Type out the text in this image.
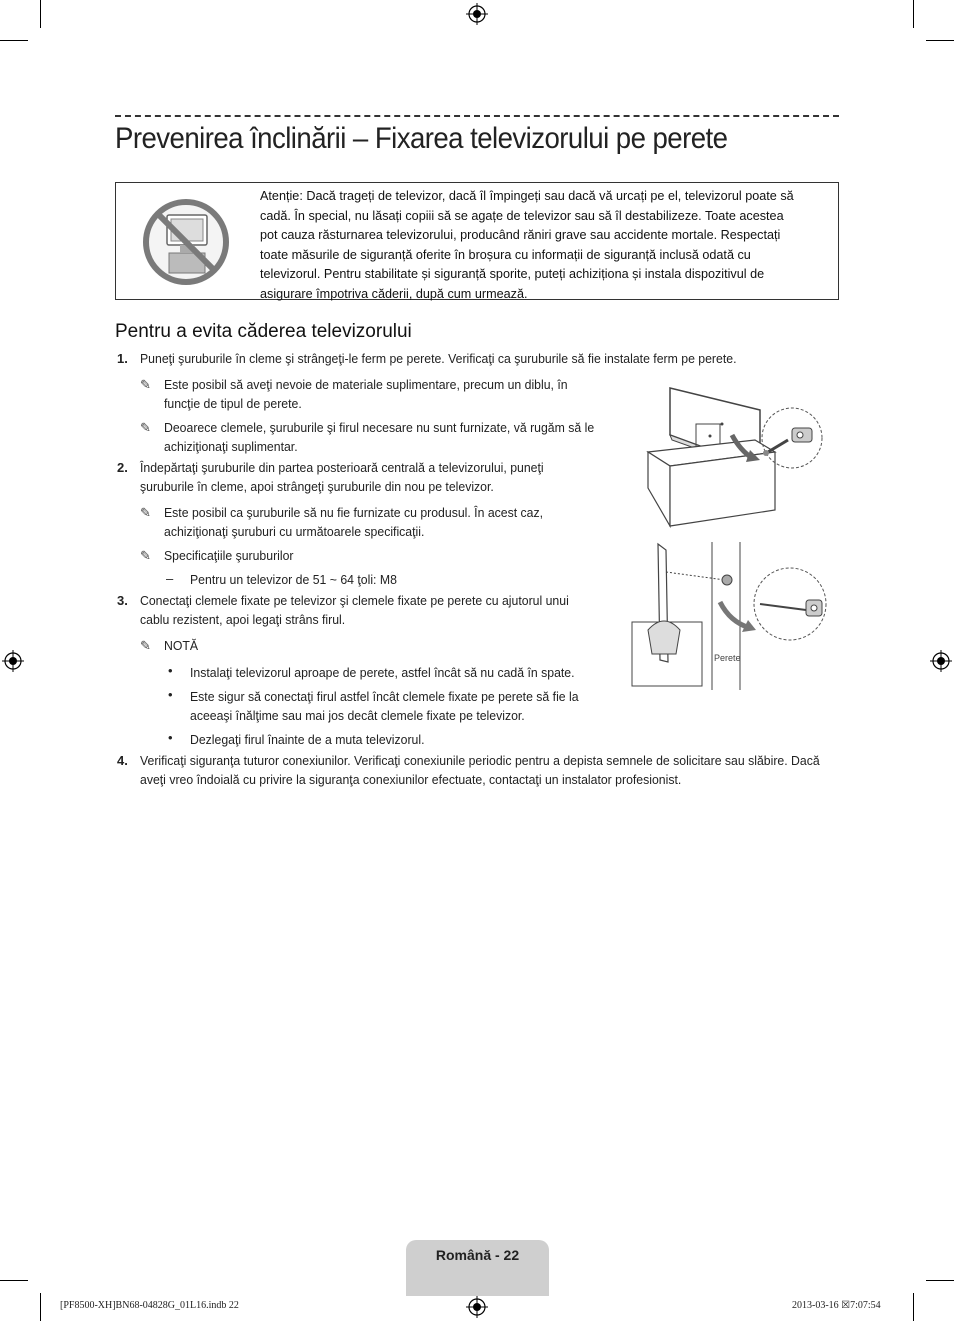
Prevenirea înclinării – Fixarea televizorului pe perete
Atenție: Dacă trageți de televizor, dacă îl împingeți sau dacă vă urcați pe el, televizorul poate să cadă. În special, nu lăsați copiii să se agațe de televizor sau să îl destabilizeze. Toate acestea pot cauza răsturnarea televizorului, producând răniri grave sau accidente mortale. Respectați toate măsurile de siguranță oferite în broșura cu informații de siguranță inclusă odată cu televizorul. Pentru stabilitate și siguranță sporite, puteți achiziționa și instala dispozitivul de asigurare împotriva căderii, după cum urmează.
Pentru a evita căderea televizorului
1. Puneţi şuruburile în cleme şi strângeţi-le ferm pe perete. Verificaţi ca şuruburile să fie instalate ferm pe perete.
✎ Este posibil să aveţi nevoie de materiale suplimentare, precum un diblu, în funcţie de tipul de perete.
✎ Deoarece clemele, şuruburile şi firul necesare nu sunt furnizate, vă rugăm să le achiziţionaţi suplimentar.
2. Îndepărtaţi şuruburile din partea posterioară centrală a televizorului, puneţi şuruburile în cleme, apoi strângeţi şuruburile din nou pe televizor.
✎ Este posibil ca şuruburile să nu fie furnizate cu produsul. În acest caz, achiziţionaţi şuruburi cu următoarele specificaţii.
✎ Specificaţiile şuruburilor
– Pentru un televizor de 51 ~ 64 ţoli: M8
3. Conectaţi clemele fixate pe televizor şi clemele fixate pe perete cu ajutorul unui cablu rezistent, apoi legaţi strâns firul.
✎ NOTĂ
• Instalaţi televizorul aproape de perete, astfel încât să nu cadă în spate.
• Este sigur să conectaţi firul astfel încât clemele fixate pe perete să fie la aceeaşi înălţime sau mai jos decât clemele fixate pe televizor.
• Dezlegaţi firul înainte de a muta televizorul.
4. Verificaţi siguranţa tuturor conexiunilor. Verificaţi conexiunile periodic pentru a depista semnele de solicitare sau slăbire. Dacă aveţi vreo îndoială cu privire la siguranţa conexiunilor efectuate, contactaţi un instalator profesionist.
Perete
Română - 22
[PF8500-XH]BN68-04828G_01L16.indb 22	2013-03-16 ☒7:07:54
